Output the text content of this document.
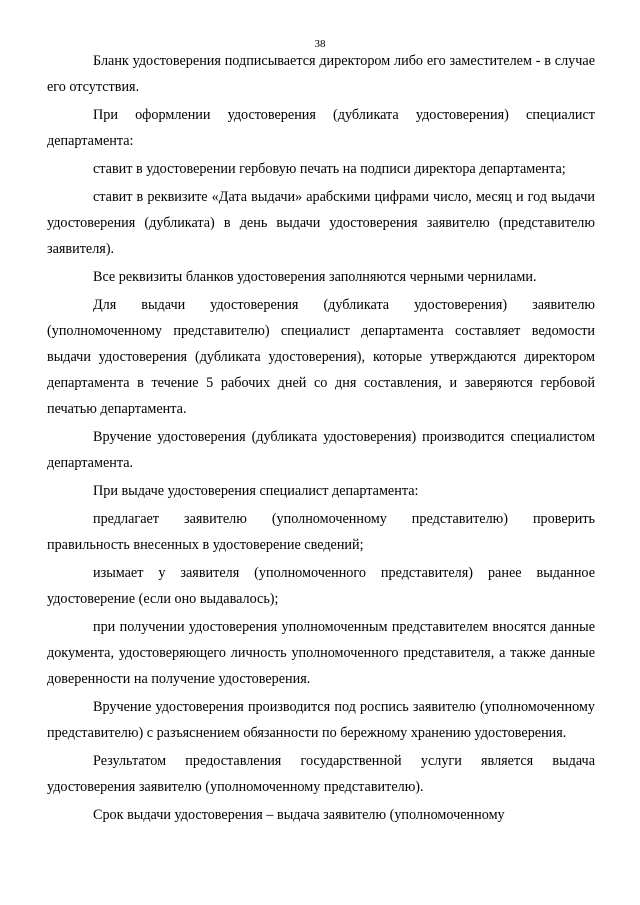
38

Бланк удостоверения подписывается директором либо его заместителем - в случае его отсутствия.

При оформлении удостоверения (дубликата удостоверения) специалист департамента:

ставит в удостоверении гербовую печать на подписи директора департамента;

ставит в реквизите «Дата выдачи» арабскими цифрами число, месяц и год выдачи удостоверения (дубликата) в день выдачи удостоверения заявителю (представителю заявителя).

Все реквизиты бланков удостоверения заполняются черными чернилами.

Для выдачи удостоверения (дубликата удостоверения) заявителю (уполномоченному представителю) специалист департамента составляет ведомости выдачи удостоверения (дубликата удостоверения), которые утверждаются директором департамента в течение 5 рабочих дней со дня составления, и заверяются гербовой печатью департамента.

Вручение удостоверения (дубликата удостоверения) производится специалистом департамента.

При выдаче удостоверения специалист департамента:

предлагает заявителю (уполномоченному представителю) проверить правильность внесенных в удостоверение сведений;

изымает у заявителя (уполномоченного представителя) ранее выданное удостоверение (если оно выдавалось);

при получении удостоверения уполномоченным представителем вносятся данные документа, удостоверяющего личность уполномоченного представителя, а также данные доверенности на получение удостоверения.

Вручение удостоверения производится под роспись заявителю (уполномоченному представителю) с разъяснением обязанности по бережному хранению удостоверения.

Результатом предоставления государственной услуги является выдача удостоверения заявителю (уполномоченному представителю).

Срок выдачи удостоверения – выдача заявителю (уполномоченному
